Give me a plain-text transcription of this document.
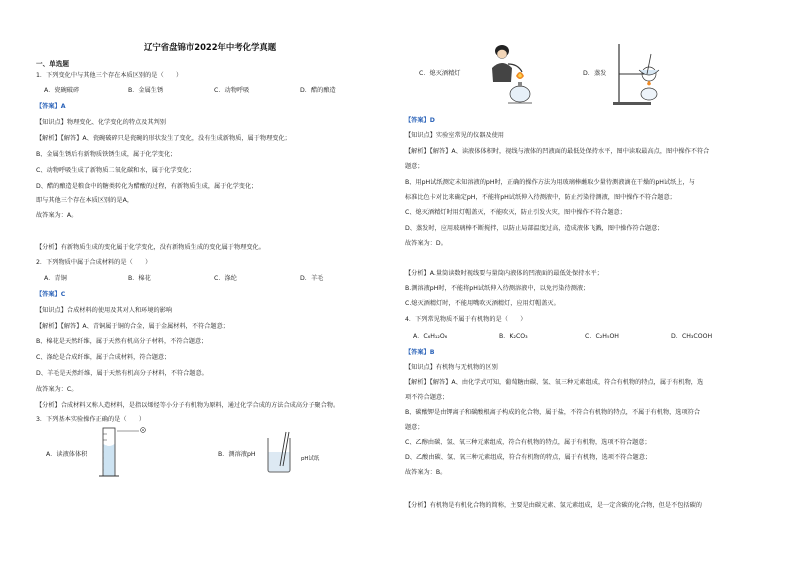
辽宁省盘锦市2022年中考化学真题
一、单选题
1．下列变化中与其他三个存在本质区别的是（　　）
A．瓷碗破碎	B．金属生锈	C．动物呼吸	D．醋的酿造
【答案】A
【知识点】物理变化、化学变化的特点及其判别
【解析】【解答】A、瓷碗破碎只是瓷碗的形状发生了变化，没有生成新物质，属于物理变化；
B、金属生锈后有新物质铁锈生成，属于化学变化；
C、动物呼吸生成了新物质二氧化碳和水，属于化学变化；
D、醋的酿造是粮食中的糖类转化为醋酸的过程，有新物质生成，属于化学变化；
即与其他三个存在本质区别的是A，
故答案为：A。
【分析】有新物质生成的变化属于化学变化，没有新物质生成的变化属于物理变化。
2．下列物质中属于合成材料的是（　　）
A．青铜	B．棉花	C．涤纶	D．羊毛
【答案】C
【知识点】合成材料的使用及其对人和环境的影响
【解析】【解答】A、青铜属于铜的合金，属于金属材料，不符合题意；
B、棉花是天然纤维，属于天然有机高分子材料，不符合题意；
C、涤纶是合成纤维，属于合成材料，符合题意；
D、羊毛是天然纤维，属于天然有机高分子材料，不符合题意。
故答案为：C。
【分析】合成材料又称人造材料，是指以烯烃等小分子有机物为原料，通过化学合成的方法合成高分子聚合物。
3．下列基本实验操作正确的是（　　）
A．读液体体积	B．测溶液pH
pH试纸
C．熄灭酒精灯	D．蒸发
【答案】D
【知识点】实验室常见的仪器及使用
【解析】【解答】A、读液体体积时，视线与液体的凹液面的最低处保持水平，图中读取最高点，图中操作不符合
题意；
B、用pH试纸测定未知溶液的pH时，正确的操作方法为用玻璃棒蘸取少量待测液滴在干燥的pH试纸上，与
标准比色卡对比来确定pH，不能将pH试纸伸入待测液中，防止污染待测液，图中操作不符合题意；
C、熄灭酒精灯时用灯帽盖灭，不能吹灭，防止引发火灾，图中操作不符合题意；
D、蒸发时，应用玻璃棒不断搅拌，以防止局部温度过高，造成液体飞溅，图中操作符合题意；
故答案为：D。
【分析】A.量筒读数时视线要与量筒内液体的凹液面的最低处保持水平；
B.测溶液pH时，不能将pH试纸伸入待测溶液中，以免污染待测液；
C.熄灭酒精灯时，不能用嘴吹灭酒精灯，应用灯帽盖灭。
4．下列常见物质不属于有机物的是（　　）
A．C₆H₁₂O₆	B．K₂CO₃	C．C₂H₅OH	D．CH₃COOH
【答案】B
【知识点】有机物与无机物的区别
【解析】【解答】A、由化学式可知，葡萄糖由碳、氢、氧三种元素组成，符合有机物的特点，属于有机物，选
项不符合题意；
B、碳酸钾是由钾离子和碳酸根离子构成的化合物，属于盐，不符合有机物的特点，不属于有机物，选项符合
题意；
C、乙醇由碳、氢、氧三种元素组成，符合有机物的特点，属于有机物，选项不符合题意；
D、乙酸由碳、氢、氧三种元素组成，符合有机物的特点，属于有机物，选项不符合题意；
故答案为：B。
【分析】有机物是有机化合物的简称，主要是由碳元素、氢元素组成，是一定含碳的化合物，但是不包括碳的
